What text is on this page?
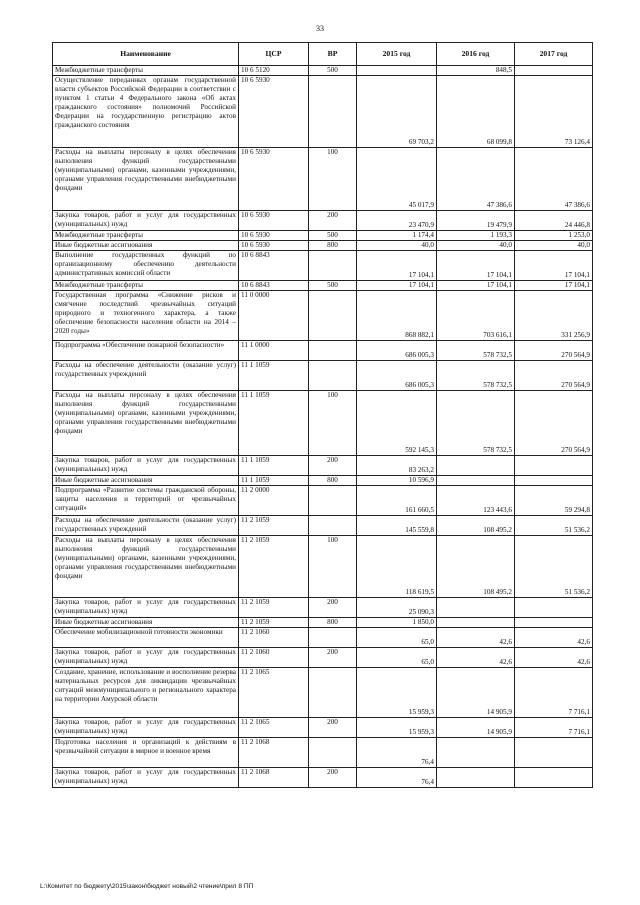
33
Наименование	ЦСР	ВР	2015 год	2016 год	2017 год
Межбюджетные трансферты	10 6 5120	500		848,5	
Осуществление переданных органам государственной власти субъектов Российской Федерации в соответствии с пунктом 1 статьи 4 Федерального закона «Об актах гражданского состояния» полномочий Российской Федерации на государственную регистрацию актов гражданского состояния	10 6 5930		69 703,2	68 099,8	73 126,4
Расходы на выплаты персоналу в целях обеспечения выполнения функций государственными (муниципальными) органами, казенными учреждениями, органами управления государственными внебюджетными фондами	10 6 5930	100	45 017,9	47 386,6	47 386,6
Закупка товаров, работ и услуг для государственных (муниципальных) нужд	10 6 5930	200	23 470,9	19 479,9	24 446,8
Межбюджетные трансферты	10 6 5930	500	1 174,4	1 193,3	1 253,0
Иные бюджетные ассигнования	10 6 5930	800	40,0	40,0	40,0
Выполнение государственных функций по организационному обеспечению деятельности административных комиссий области	10 6 8843		17 104,1	17 104,1	17 104,1
Межбюджетные трансферты	10 6 8843	500	17 104,1	17 104,1	17 104,1
Государственная программа «Снижение рисков и смягчение последствий чрезвычайных ситуаций природного и техногенного характера, а также обеспечение безопасности населения области на 2014 – 2020 годы»	11 0 0000		868 882,1	703 616,1	331 256,9
Подпрограмма «Обеспечение пожарной безопасности»	11 1 0000		686 005,3	578 732,5	270 564,9
Расходы на обеспечение деятельности (оказание услуг) государственных учреждений	11 1 1059		686 005,3	578 732,5	270 564,9
Расходы на выплаты персоналу в целях обеспечения выполнения функций государственными (муниципальными) органами, казенными учреждениями, органами управления государственными внебюджетными фондами	11 1 1059	100	592 145,3	578 732,5	270 564,9
Закупка товаров, работ и услуг для государственных (муниципальных) нужд	11 1 1059	200	83 263,2		
Иные бюджетные ассигнования	11 1 1059	800	10 596,9		
Подпрограмма «Развитие системы гражданской обороны, защиты населения и территорий от чрезвычайных ситуаций»	11 2 0000		161 660,5	123 443,6	59 294,8
Расходы на обеспечение деятельности (оказание услуг) государственных учреждений	11 2 1059		145 559,8	108 495,2	51 536,2
Расходы на выплаты персоналу в целях обеспечения выполнения функций государственными (муниципальными) органами, казенными учреждениями, органами управления государственными внебюджетными фондами	11 2 1059	100	118 619,5	108 495,2	51 536,2
Закупка товаров, работ и услуг для государственных (муниципальных) нужд	11 2 1059	200	25 090,3		
Иные бюджетные ассигнования	11 2 1059	800	1 850,0		
Обеспечение мобилизационной готовности экономики	11 2 1060		65,0	42,6	42,6
Закупка товаров, работ и услуг для государственных (муниципальных) нужд	11 2 1060	200	65,0	42,6	42,6
Создание, хранение, использование и восполнение резерва материальных ресурсов для ликвидации чрезвычайных ситуаций межмуниципального и регионального характера на территории Амурской области	11 2 1065		15 959,3	14 905,9	7 716,1
Закупка товаров, работ и услуг для государственных (муниципальных) нужд	11 2 1065	200	15 959,3	14 905,9	7 716,1
Подготовка населения и организаций к действиям в чрезвычайной ситуации в мирное и военное время	11 2 1068		76,4		
Закупка товаров, работ и услуг для государственных (муниципальных) нужд	11 2 1068	200	76,4		
L:\Комитет по бюджету\2015\закон\бюджет новый\2 чтение\прил 8 ПП
